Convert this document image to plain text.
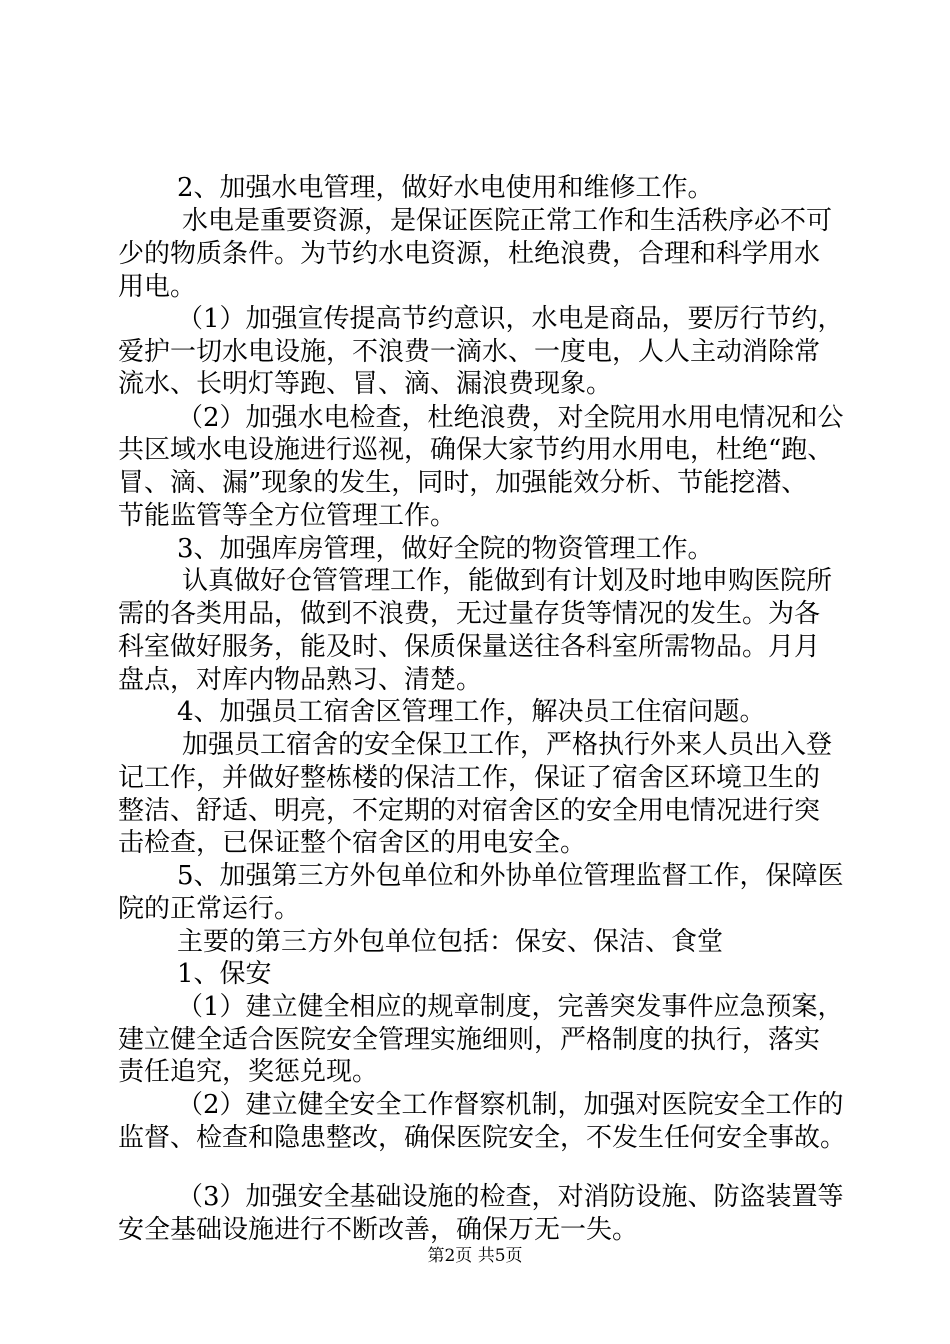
2、加强水电管理，做好水电使用和维修工作。
水电是重要资源，是保证医院正常工作和生活秩序必不可
少的物质条件。为节约水电资源，杜绝浪费，合理和科学用水
用电。
（1）加强宣传提高节约意识，水电是商品，要厉行节约，
爱护一切水电设施，不浪费一滴水、一度电，人人主动消除常
流水、长明灯等跑、冒、滴、漏浪费现象。
（2）加强水电检查，杜绝浪费，对全院用水用电情况和公
共区域水电设施进行巡视，确保大家节约用水用电，杜绝“跑、
冒、滴、漏”现象的发生，同时，加强能效分析、节能挖潜、
节能监管等全方位管理工作。
3、加强库房管理，做好全院的物资管理工作。
认真做好仓管管理工作，能做到有计划及时地申购医院所
需的各类用品，做到不浪费，无过量存货等情况的发生。为各
科室做好服务，能及时、保质保量送往各科室所需物品。月月
盘点，对库内物品熟习、清楚。
4、加强员工宿舍区管理工作，解决员工住宿问题。
加强员工宿舍的安全保卫工作，严格执行外来人员出入登
记工作，并做好整栋楼的保洁工作，保证了宿舍区环境卫生的
整洁、舒适、明亮，不定期的对宿舍区的安全用电情况进行突
击检查，已保证整个宿舍区的用电安全。
5、加强第三方外包单位和外协单位管理监督工作，保障医
院的正常运行。
主要的第三方外包单位包括：保安、保洁、食堂
1、保安
（1）建立健全相应的规章制度，完善突发事件应急预案，
建立健全适合医院安全管理实施细则，严格制度的执行，落实
责任追究，奖惩兑现。
（2）建立健全安全工作督察机制，加强对医院安全工作的
监督、检查和隐患整改，确保医院安全，不发生任何安全事故。
（3）加强安全基础设施的检查，对消防设施、防盗装置等
安全基础设施进行不断改善，确保万无一失。
第2页 共5页
